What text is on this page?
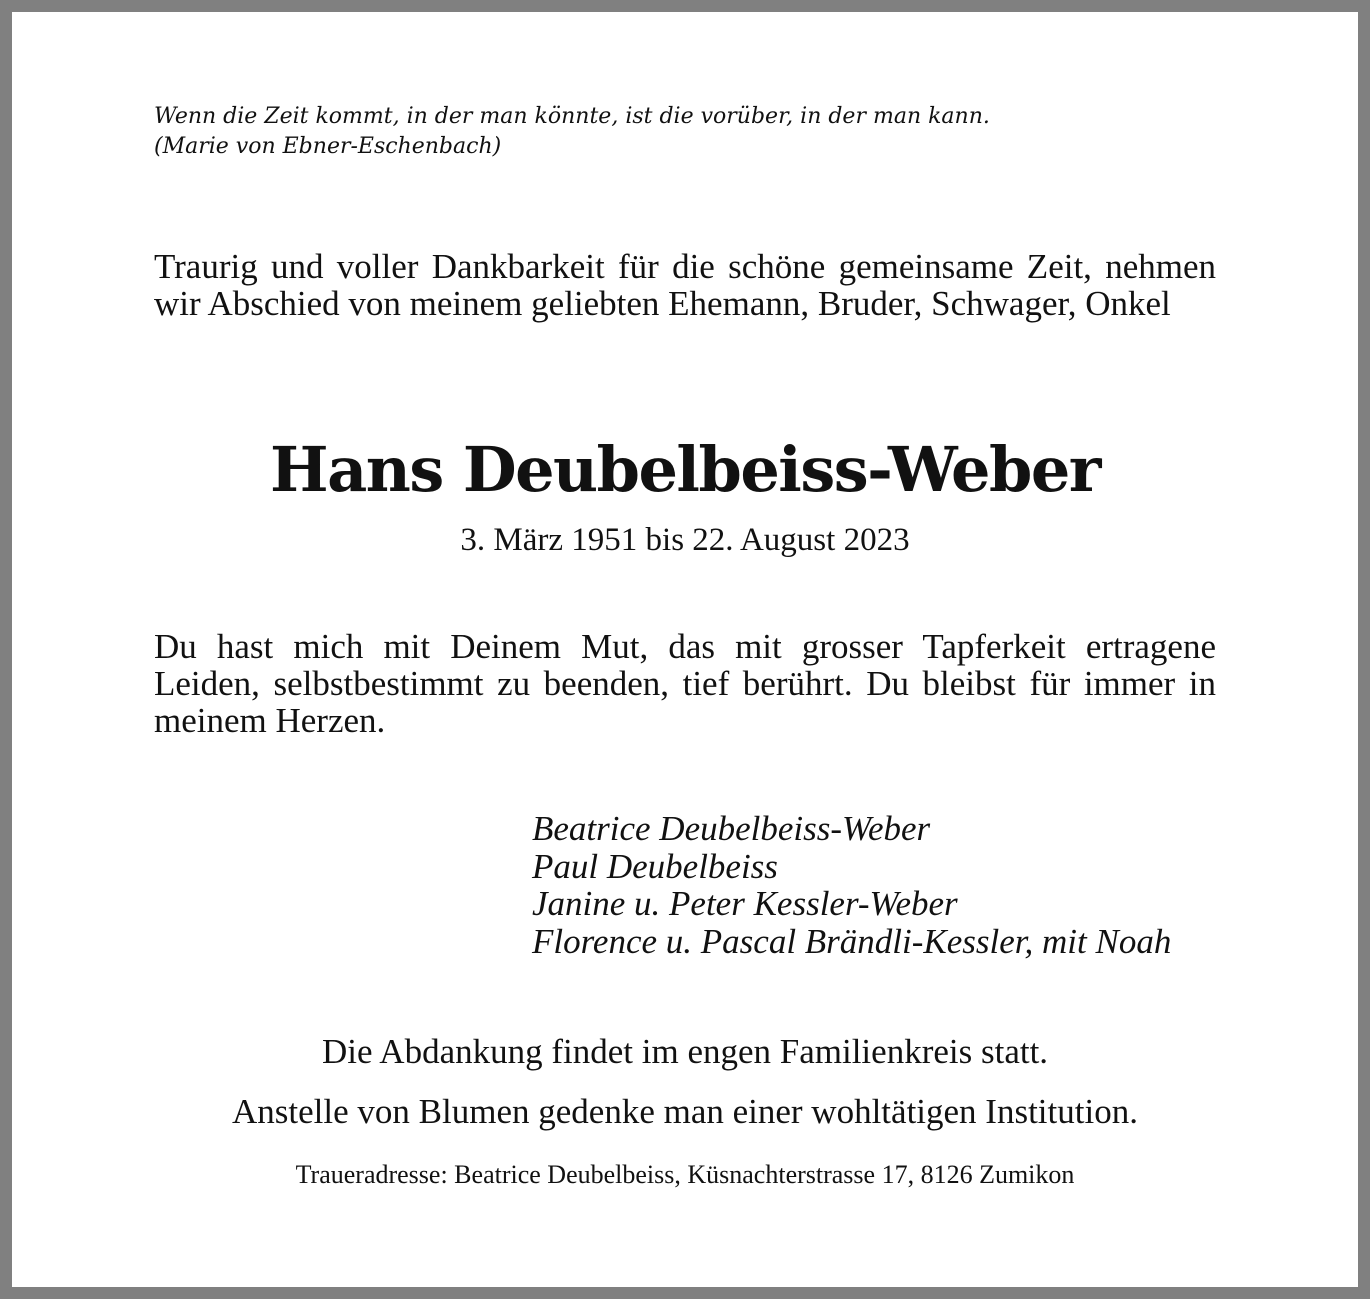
Wenn die Zeit kommt, in der man könnte, ist die vorüber, in der man kann.
(Marie von Ebner-Eschenbach)
Traurig und voller Dankbarkeit für die schöne gemeinsame Zeit, nehmen wir Abschied von meinem geliebten Ehemann, Bruder, Schwager, Onkel
Hans Deubelbeiss-Weber
3. März 1951 bis 22. August 2023
Du hast mich mit Deinem Mut, das mit grosser Tapferkeit ertragene Leiden, selbstbestimmt zu beenden, tief berührt. Du bleibst für immer in meinem Herzen.
Beatrice Deubelbeiss-Weber
Paul Deubelbeiss
Janine u. Peter Kessler-Weber
Florence u. Pascal Brändli-Kessler, mit Noah
Die Abdankung findet im engen Familienkreis statt.
Anstelle von Blumen gedenke man einer wohltätigen Institution.
Traueradresse: Beatrice Deubelbeiss, Küsnachterstrasse 17, 8126 Zumikon
